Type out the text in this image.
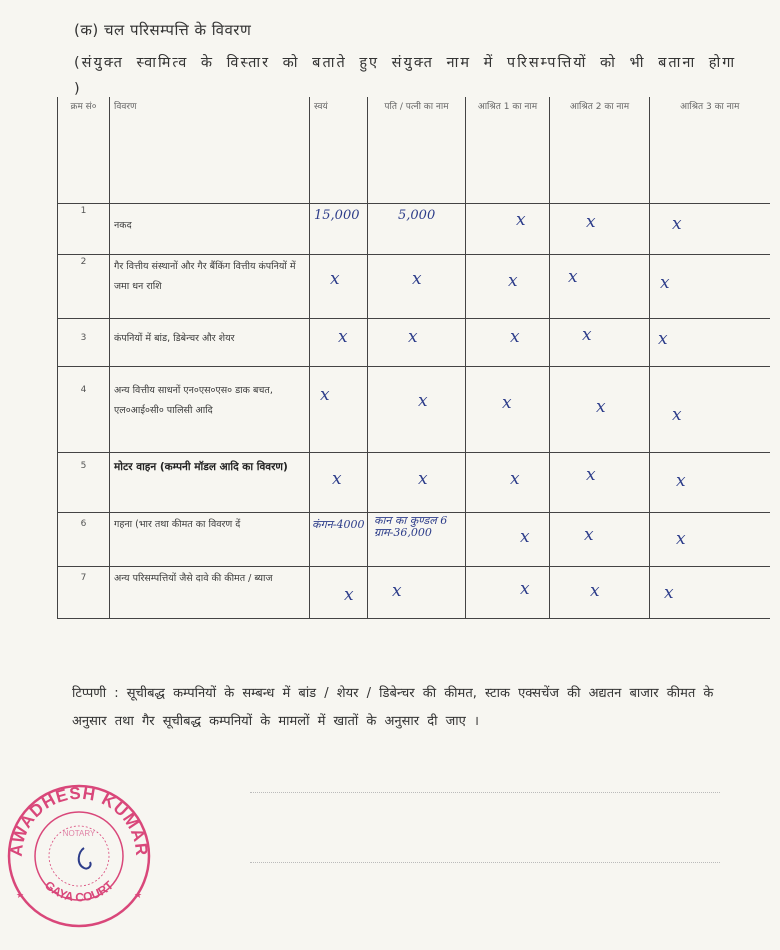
(क) चल परिसम्पत्ति के विवरण
(संयुक्त स्वामित्व के विस्तार को बताते हुए संयुक्त नाम में परिसम्पत्तियों को भी बताना होगा )
क्रम सं०	विवरण	स्वयं	पति / पत्नी का नाम	आश्रित 1 का नाम	आश्रित 2 का नाम	आश्रित 3 का नाम
1	नकद	15,000	5,000	x	x	x

2	गैर वित्तीय संस्थानों और गैर बैंकिंग वित्तीय कंपनियों में जमा धन राशि	x	x	x	x	x

3	कंपनियों में बांड, डिबेन्चर और शेयर	x	x	x	x	x

4	अन्य वित्तीय साधनों एन०एस०एस० डाक बचत, एल०आई०सी० पालिसी आदि	x	x	x	x	x

5	मोटर वाहन (कम्पनी मॉडल आदि का विवरण)	x	x	x	x	x

6	गहना (भार तथा कीमत का विवरण दें	कंगन-4000	कान का कुण्डल 6 ग्राम-36,000	x	x	x

7	अन्य परिसम्पत्तियों जैसे दावे की कीमत / ब्याज	x	x	x	x	x
टिप्पणी : सूचीबद्ध कम्पनियों के सम्बन्ध में बांड / शेयर / डिबेन्चर की कीमत, स्टाक एक्सचेंज की अद्यतन बाजार कीमत के अनुसार तथा गैर सूचीबद्ध कम्पनियों के मामलों में खातों के अनुसार दी जाए ।
AWADHESH KUMAR
GAYA COURT
NOTARY
★	★
